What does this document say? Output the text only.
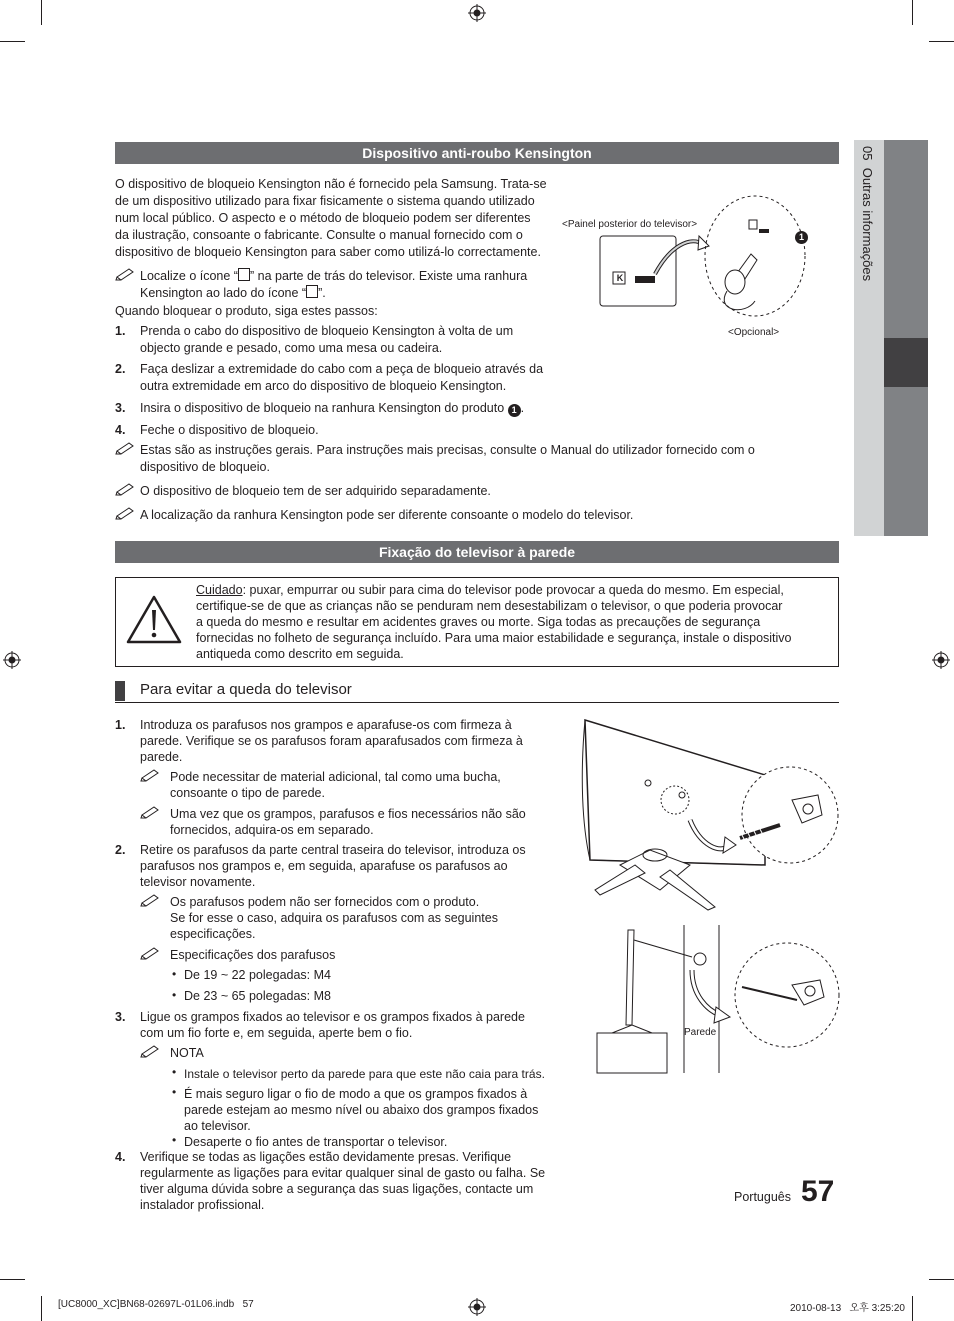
05  Outras informações
Dispositivo anti-roubo Kensington
O dispositivo de bloqueio Kensington não é fornecido pela Samsung. Trata-se
de um dispositivo utilizado para fixar fisicamente o sistema quando utilizado
num local público. O aspecto e o método de bloqueio podem ser diferentes
da ilustração, consoante o fabricante. Consulte o manual fornecido com o
dispositivo de bloqueio Kensington para saber como utilizá-lo correctamente.
Localize o ícone “ ” na parte de trás do televisor. Existe uma ranhura
Kensington ao lado do ícone “ ”.
Quando bloquear o produto, siga estes passos:
1. Prenda o cabo do dispositivo de bloqueio Kensington à volta de um
objecto grande e pesado, como uma mesa ou cadeira.
2. Faça deslizar a extremidade do cabo com a peça de bloqueio através da
outra extremidade em arco do dispositivo de bloqueio Kensington.
3. Insira o dispositivo de bloqueio na ranhura Kensington do produto 1 .
4. Feche o dispositivo de bloqueio.
Estas são as instruções gerais. Para instruções mais precisas, consulte o Manual do utilizador fornecido com o
dispositivo de bloqueio.
O dispositivo de bloqueio tem de ser adquirido separadamente.
A localização da ranhura Kensington pode ser diferente consoante o modelo do televisor.
<Painel posterior do televisor>
<Opcional>
1
K
Fixação do televisor à parede
Cuidado: puxar, empurrar ou subir para cima do televisor pode provocar a queda do mesmo. Em especial,
certifique-se de que as crianças não se penduram nem desestabilizam o televisor, o que poderia provocar
a queda do mesmo e resultar em acidentes graves ou morte. Siga todas as precauções de segurança
fornecidas no folheto de segurança incluído. Para uma maior estabilidade e segurança, instale o dispositivo
antiqueda como descrito em seguida.
Para evitar a queda do televisor
1. Introduza os parafusos nos grampos e aparafuse-os com firmeza à
parede. Verifique se os parafusos foram aparafusados com firmeza à
parede.
Pode necessitar de material adicional, tal como uma bucha,
consoante o tipo de parede.
Uma vez que os grampos, parafusos e fios necessários não são
fornecidos, adquira-os em separado.
2. Retire os parafusos da parte central traseira do televisor, introduza os
parafusos nos grampos e, em seguida, aparafuse os parafusos ao
televisor novamente.
Os parafusos podem não ser fornecidos com o produto.
Se for esse o caso, adquira os parafusos com as seguintes
especificações.
Especificações dos parafusos
• De 19 ~ 22 polegadas: M4
• De 23 ~ 65 polegadas: M8
3. Ligue os grampos fixados ao televisor e os grampos fixados à parede
com um fio forte e, em seguida, aperte bem o fio.
NOTA
• Instale o televisor perto da parede para que este não caia para trás.
• É mais seguro ligar o fio de modo a que os grampos fixados à
parede estejam ao mesmo nível ou abaixo dos grampos fixados
ao televisor.
• Desaperte o fio antes de transportar o televisor.
4. Verifique se todas as ligações estão devidamente presas. Verifique
regularmente as ligações para evitar qualquer sinal de gasto ou falha. Se
tiver alguma dúvida sobre a segurança das suas ligações, contacte um
instalador profissional.
Parede
Português 57
[UC8000_XC]BN68-02697L-01L06.indb   57	2010-08-13   오후 3:25:20
